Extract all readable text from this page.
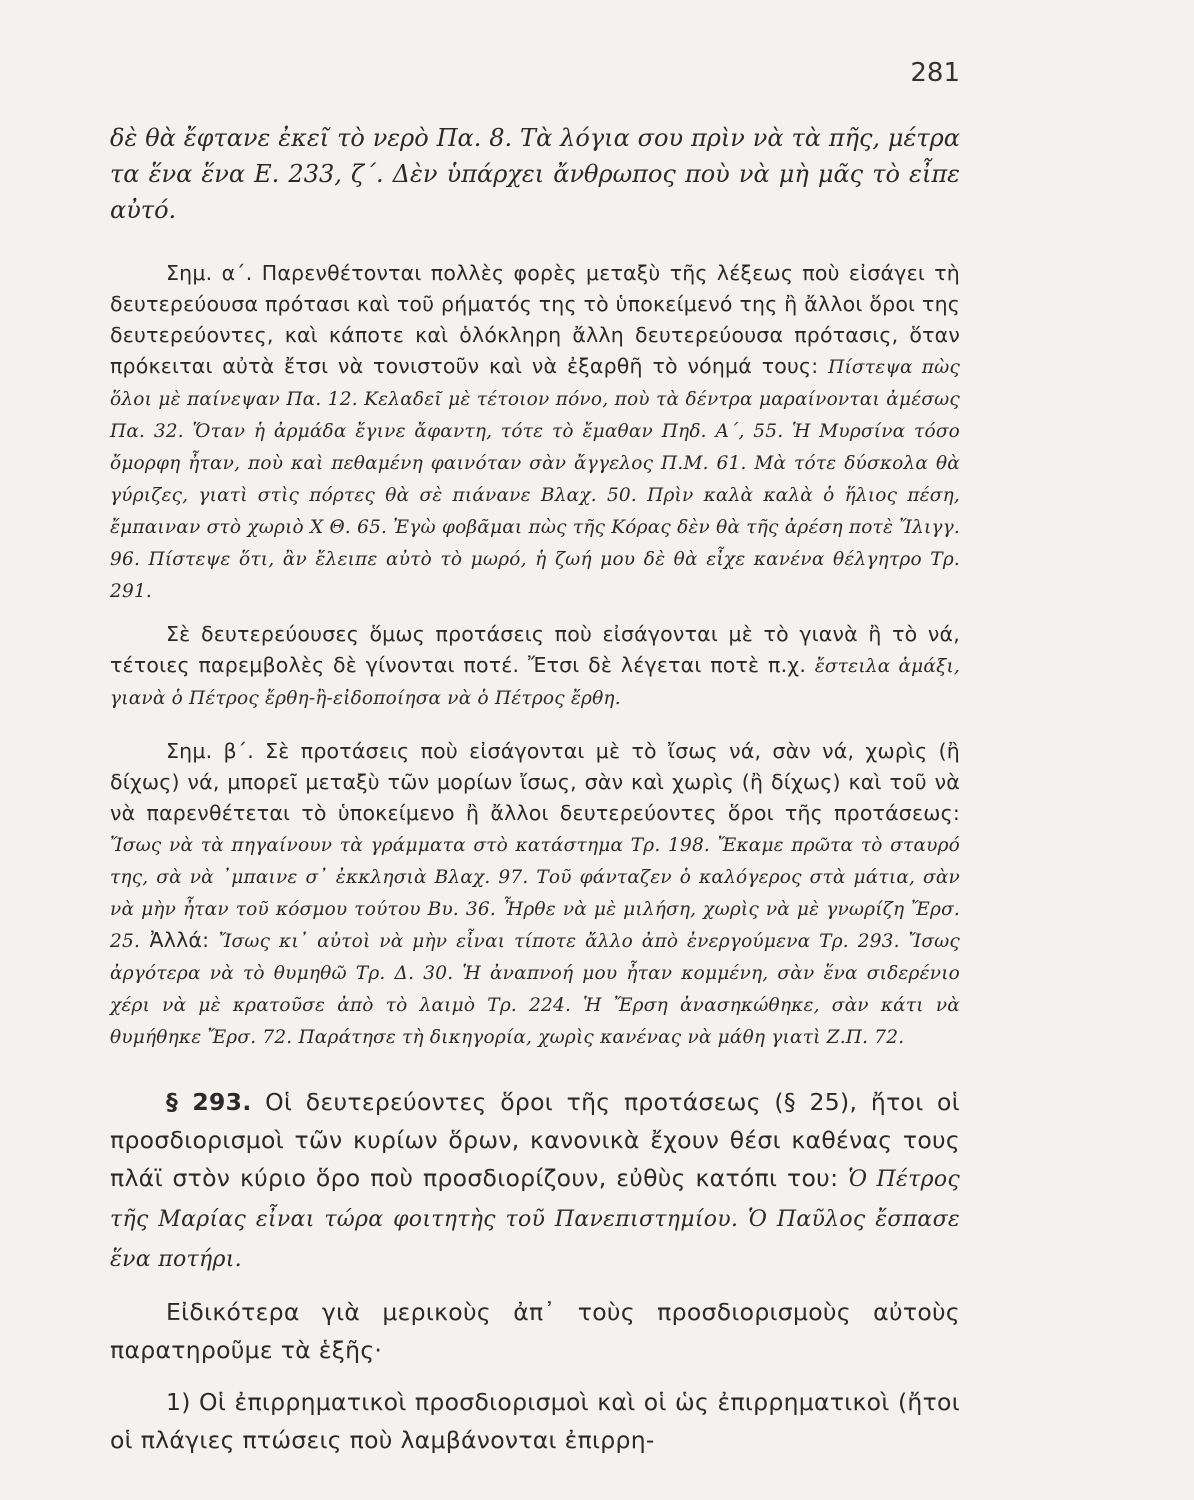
281

δὲ θὰ ἔφτανε ἐκεῖ τὸ νερὸ Πα. 8. Τὰ λόγια σου πρὶν νὰ τὰ πῆς, μέτρα τα ἕνα ἕνα Ε. 233, ζ΄. Δὲν ὑπάρχει ἄνθρωπος ποὺ νὰ μὴ μᾶς τὸ εἶπε αὐτό.

Σημ. α΄. Παρενθέτονται πολλὲς φορὲς μεταξὺ τῆς λέξεως ποὺ εἰσάγει τὴ δευτερεύουσα πρότασι καὶ τοῦ ρήματός της τὸ ὑποκείμενό της ἢ ἄλλοι ὅροι της δευτερεύοντες, καὶ κάποτε καὶ ὁλόκληρη ἄλλη δευτερεύουσα πρότασις, ὅταν πρόκειται αὐτὰ ἔτσι νὰ τονιστοῦν καὶ νὰ ἐξαρθῆ τὸ νόημά τους: Πίστεψα πὼς ὅλοι μὲ παίνεψαν Πα. 12. Κελαδεῖ μὲ τέτοιον πόνο, ποὺ τὰ δέντρα μαραίνονται ἀμέσως Πα. 32. Ὅταν ἡ ἀρμάδα ἔγινε ἄφαντη, τότε τὸ ἔμαθαν Πηδ. Α΄, 55. Ἡ Μυρσίνα τόσο ὄμορφη ἦταν, ποὺ καὶ πεθαμένη φαινόταν σὰν ἄγγελος Π.Μ. 61. Μὰ τότε δύσκολα θὰ γύριζες, γιατὶ στὶς πόρτες θὰ σὲ πιάνανε Βλαχ. 50. Πρὶν καλὰ καλὰ ὁ ἥλιος πέση, ἔμπαιναν στὸ χωριὸ Χ Θ. 65. Ἐγὼ φοβᾶμαι πὼς τῆς Κόρας δὲν θὰ τῆς ἀρέση ποτὲ Ἴλιγγ. 96. Πίστεψε ὅτι, ἂν ἔλειπε αὐτὸ τὸ μωρό, ἡ ζωή μου δὲ θὰ εἶχε κανένα θέλγητρο Τρ. 291.

Σὲ δευτερεύουσες ὅμως προτάσεις ποὺ εἰσάγονται μὲ τὸ γιανὰ ἢ τὸ νά, τέτοιες παρεμβολὲς δὲ γίνονται ποτέ. Ἔτσι δὲ λέγεται ποτὲ π.χ. ἔστειλα ἁμάξι, γιανὰ ὁ Πέτρος ἔρθη-ἢ-εἰδοποίησα νὰ ὁ Πέτρος ἔρθη.

Σημ. β΄. Σὲ προτάσεις ποὺ εἰσάγονται μὲ τὸ ἴσως νά, σὰν νά, χωρὶς (ἢ δίχως) νά, μπορεῖ μεταξὺ τῶν μορίων ἴσως, σὰν καὶ χωρὶς (ἢ δίχως) καὶ τοῦ νὰ νὰ παρενθέτεται τὸ ὑποκείμενο ἢ ἄλλοι δευτερεύοντες ὅροι τῆς προτάσεως: Ἴσως νὰ τὰ πηγαίνουν τὰ γράμματα στὸ κατάστημα Τρ. 198. Ἔκαμε πρῶτα τὸ σταυρό της, σὰ νὰ ᾽μπαινε σ᾽ ἐκκλησιὰ Βλαχ. 97. Τοῦ φάνταζεν ὁ καλόγερος στὰ μάτια, σὰν νὰ μὴν ἦταν τοῦ κόσμου τούτου Βυ. 36. Ἦρθε νὰ μὲ μιλήση, χωρὶς νὰ μὲ γνωρίζη Ἔρσ. 25. Ἀλλά: Ἴσως κι᾽ αὐτοὶ νὰ μὴν εἶναι τίποτε ἄλλο ἀπὸ ἐνεργούμενα Τρ. 293. Ἴσως ἀργότερα νὰ τὸ θυμηθῶ Τρ. Δ. 30. Ἡ ἀναπνοή μου ἦταν κομμένη, σὰν ἕνα σιδερένιο χέρι νὰ μὲ κρατοῦσε ἀπὸ τὸ λαιμὸ Τρ. 224. Ἡ Ἔρση ἀνασηκώθηκε, σὰν κάτι νὰ θυμήθηκε Ἔρσ. 72. Παράτησε τὴ δικηγορία, χωρὶς κανένας νὰ μάθη γιατὶ Ζ.Π. 72.

§ 293. Οἱ δευτερεύοντες ὅροι τῆς προτάσεως (§ 25), ἤτοι οἱ προσδιορισμοὶ τῶν κυρίων ὅρων, κανονικὰ ἔχουν θέσι καθένας τους πλάϊ στὸν κύριο ὅρο ποὺ προσδιορίζουν, εὐθὺς κατόπι του: Ὁ Πέτρος τῆς Μαρίας εἶναι τώρα φοιτητὴς τοῦ Πανεπιστημίου. Ὁ Παῦλος ἔσπασε ἕνα ποτήρι.

Εἰδικότερα γιὰ μερικοὺς ἀπ᾽ τοὺς προσδιορισμοὺς αὐτοὺς παρατηροῦμε τὰ ἑξῆς·

1) Οἱ ἐπιρρηματικοὶ προσδιορισμοὶ καὶ οἱ ὡς ἐπιρρηματικοὶ (ἤτοι οἱ πλάγιες πτώσεις ποὺ λαμβάνονται ἐπιρρη-
